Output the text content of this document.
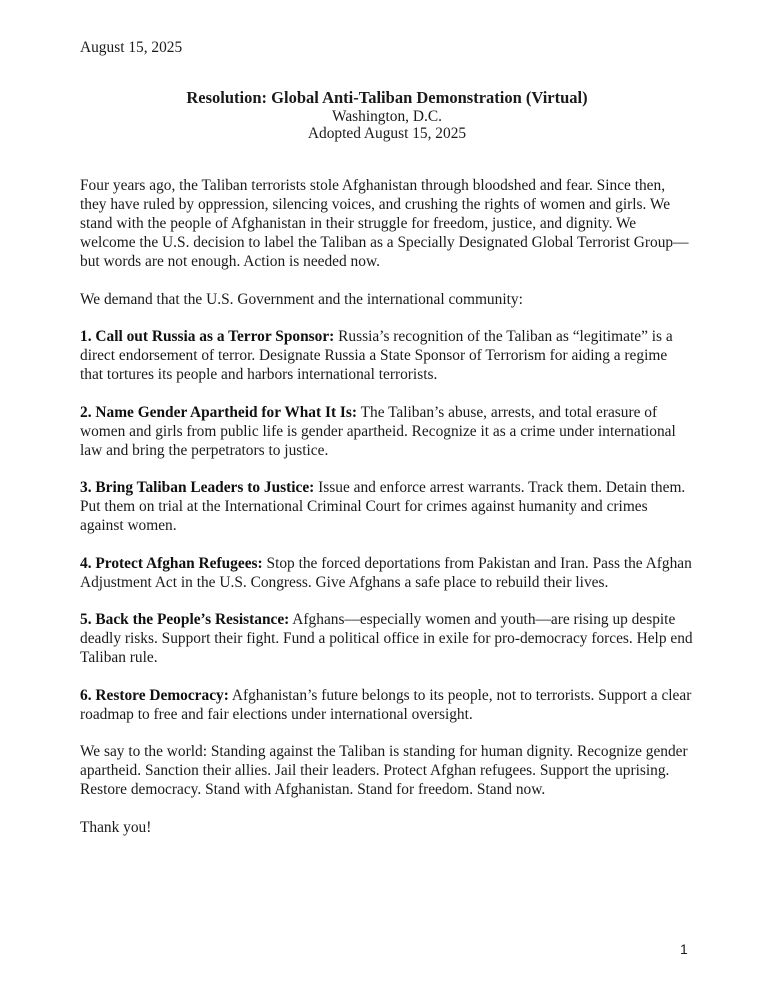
August 15, 2025
Resolution: Global Anti-Taliban Demonstration (Virtual)
Washington, D.C.
Adopted August 15, 2025

Four years ago, the Taliban terrorists stole Afghanistan through bloodshed and fear. Since then, they have ruled by oppression, silencing voices, and crushing the rights of women and girls. We stand with the people of Afghanistan in their struggle for freedom, justice, and dignity. We welcome the U.S. decision to label the Taliban as a Specially Designated Global Terrorist Group—but words are not enough. Action is needed now.

We demand that the U.S. Government and the international community:

1. Call out Russia as a Terror Sponsor: Russia’s recognition of the Taliban as “legitimate” is a direct endorsement of terror. Designate Russia a State Sponsor of Terrorism for aiding a regime that tortures its people and harbors international terrorists.

2. Name Gender Apartheid for What It Is: The Taliban’s abuse, arrests, and total erasure of women and girls from public life is gender apartheid. Recognize it as a crime under international law and bring the perpetrators to justice.

3. Bring Taliban Leaders to Justice: Issue and enforce arrest warrants. Track them. Detain them. Put them on trial at the International Criminal Court for crimes against humanity and crimes against women.

4. Protect Afghan Refugees: Stop the forced deportations from Pakistan and Iran. Pass the Afghan Adjustment Act in the U.S. Congress. Give Afghans a safe place to rebuild their lives.

5. Back the People’s Resistance: Afghans—especially women and youth—are rising up despite deadly risks. Support their fight. Fund a political office in exile for pro-democracy forces. Help end Taliban rule.

6. Restore Democracy: Afghanistan’s future belongs to its people, not to terrorists. Support a clear roadmap to free and fair elections under international oversight.

We say to the world: Standing against the Taliban is standing for human dignity. Recognize gender apartheid. Sanction their allies. Jail their leaders. Protect Afghan refugees. Support the uprising. Restore democracy. Stand with Afghanistan. Stand for freedom. Stand now.

Thank you!

1
